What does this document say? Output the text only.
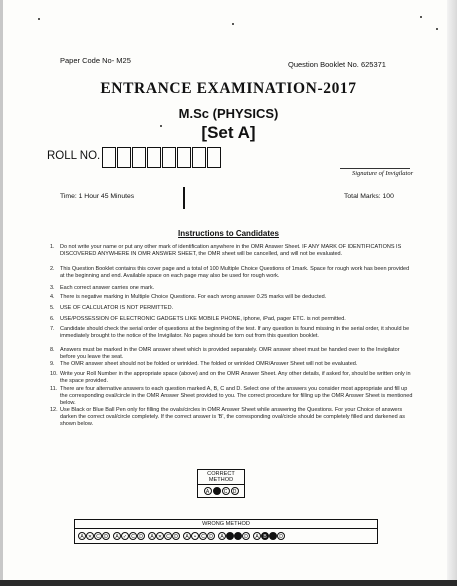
Paper Code No- M25	Question Booklet No. 625371
ENTRANCE EXAMINATION-2017
M.Sc (PHYSICS)
[Set A]
ROLL NO.
Signature of Invigilator
Time: 1 Hour 45 Minutes	Total Marks: 100
Instructions to Candidates
1. Do not write your name or put any other mark of identification anywhere in the OMR Answer Sheet. IF ANY MARK OF IDENTIFICATIONS IS DISCOVERED ANYWHERE IN OMR ANSWER SHEET, the OMR sheet will be cancelled, and will not be evaluated.
2. This Question Booklet contains this cover page and a total of 100 Multiple Choice Questions of 1mark. Space for rough work has been provided at the beginning and end. Available space on each page may also be used for rough work.
3. Each correct answer carries one mark.
4. There is negative marking in Multiple Choice Questions. For each wrong answer 0.25 marks will be deducted.
5. USE OF CALCULATOR IS NOT PERMITTED.
6. USE/POSSESSION OF ELECTRONIC GADGETS LIKE MOBILE PHONE, iphone, iPad, pager ETC. is not permitted.
7. Candidate should check the serial order of questions at the beginning of the test. If any question is found missing in the serial order, it should be immediately brought to the notice of the Invigilator. No pages should be torn out from this question booklet.
8. Answers must be marked in the OMR answer sheet which is provided separately. OMR answer sheet must be handed over to the Invigilator before you leave the seat.
9. The OMR answer sheet should not be folded or wrinkled. The folded or wrinkled OMR/Answer Sheet will not be evaluated.
10. Write your Roll Number in the appropriate space (above) and on the OMR Answer Sheet. Any other details, if asked for, should be written only in the space provided.
11. There are four alternative answers to each question marked A, B, C and D. Select one of the answers you consider most appropriate and fill up the corresponding oval/circle in the OMR Answer Sheet provided to you. The correct procedure for filling up the OMR Answer Sheet is mentioned below.
12. Use Black or Blue Ball Pen only for filling the ovals/circles in OMR Answer Sheet while answering the Questions. For your Choice of answers darken the correct oval/circle completely. If the correct answer is 'B', the corresponding oval/circle should be completely filled and darkened as shown below.
CORRECT METHOD
A	C	D
WRONG METHOD
A ✕ C D	A ✓ C D	A ✕ C D	A	•	C D	A	D	A B	D
